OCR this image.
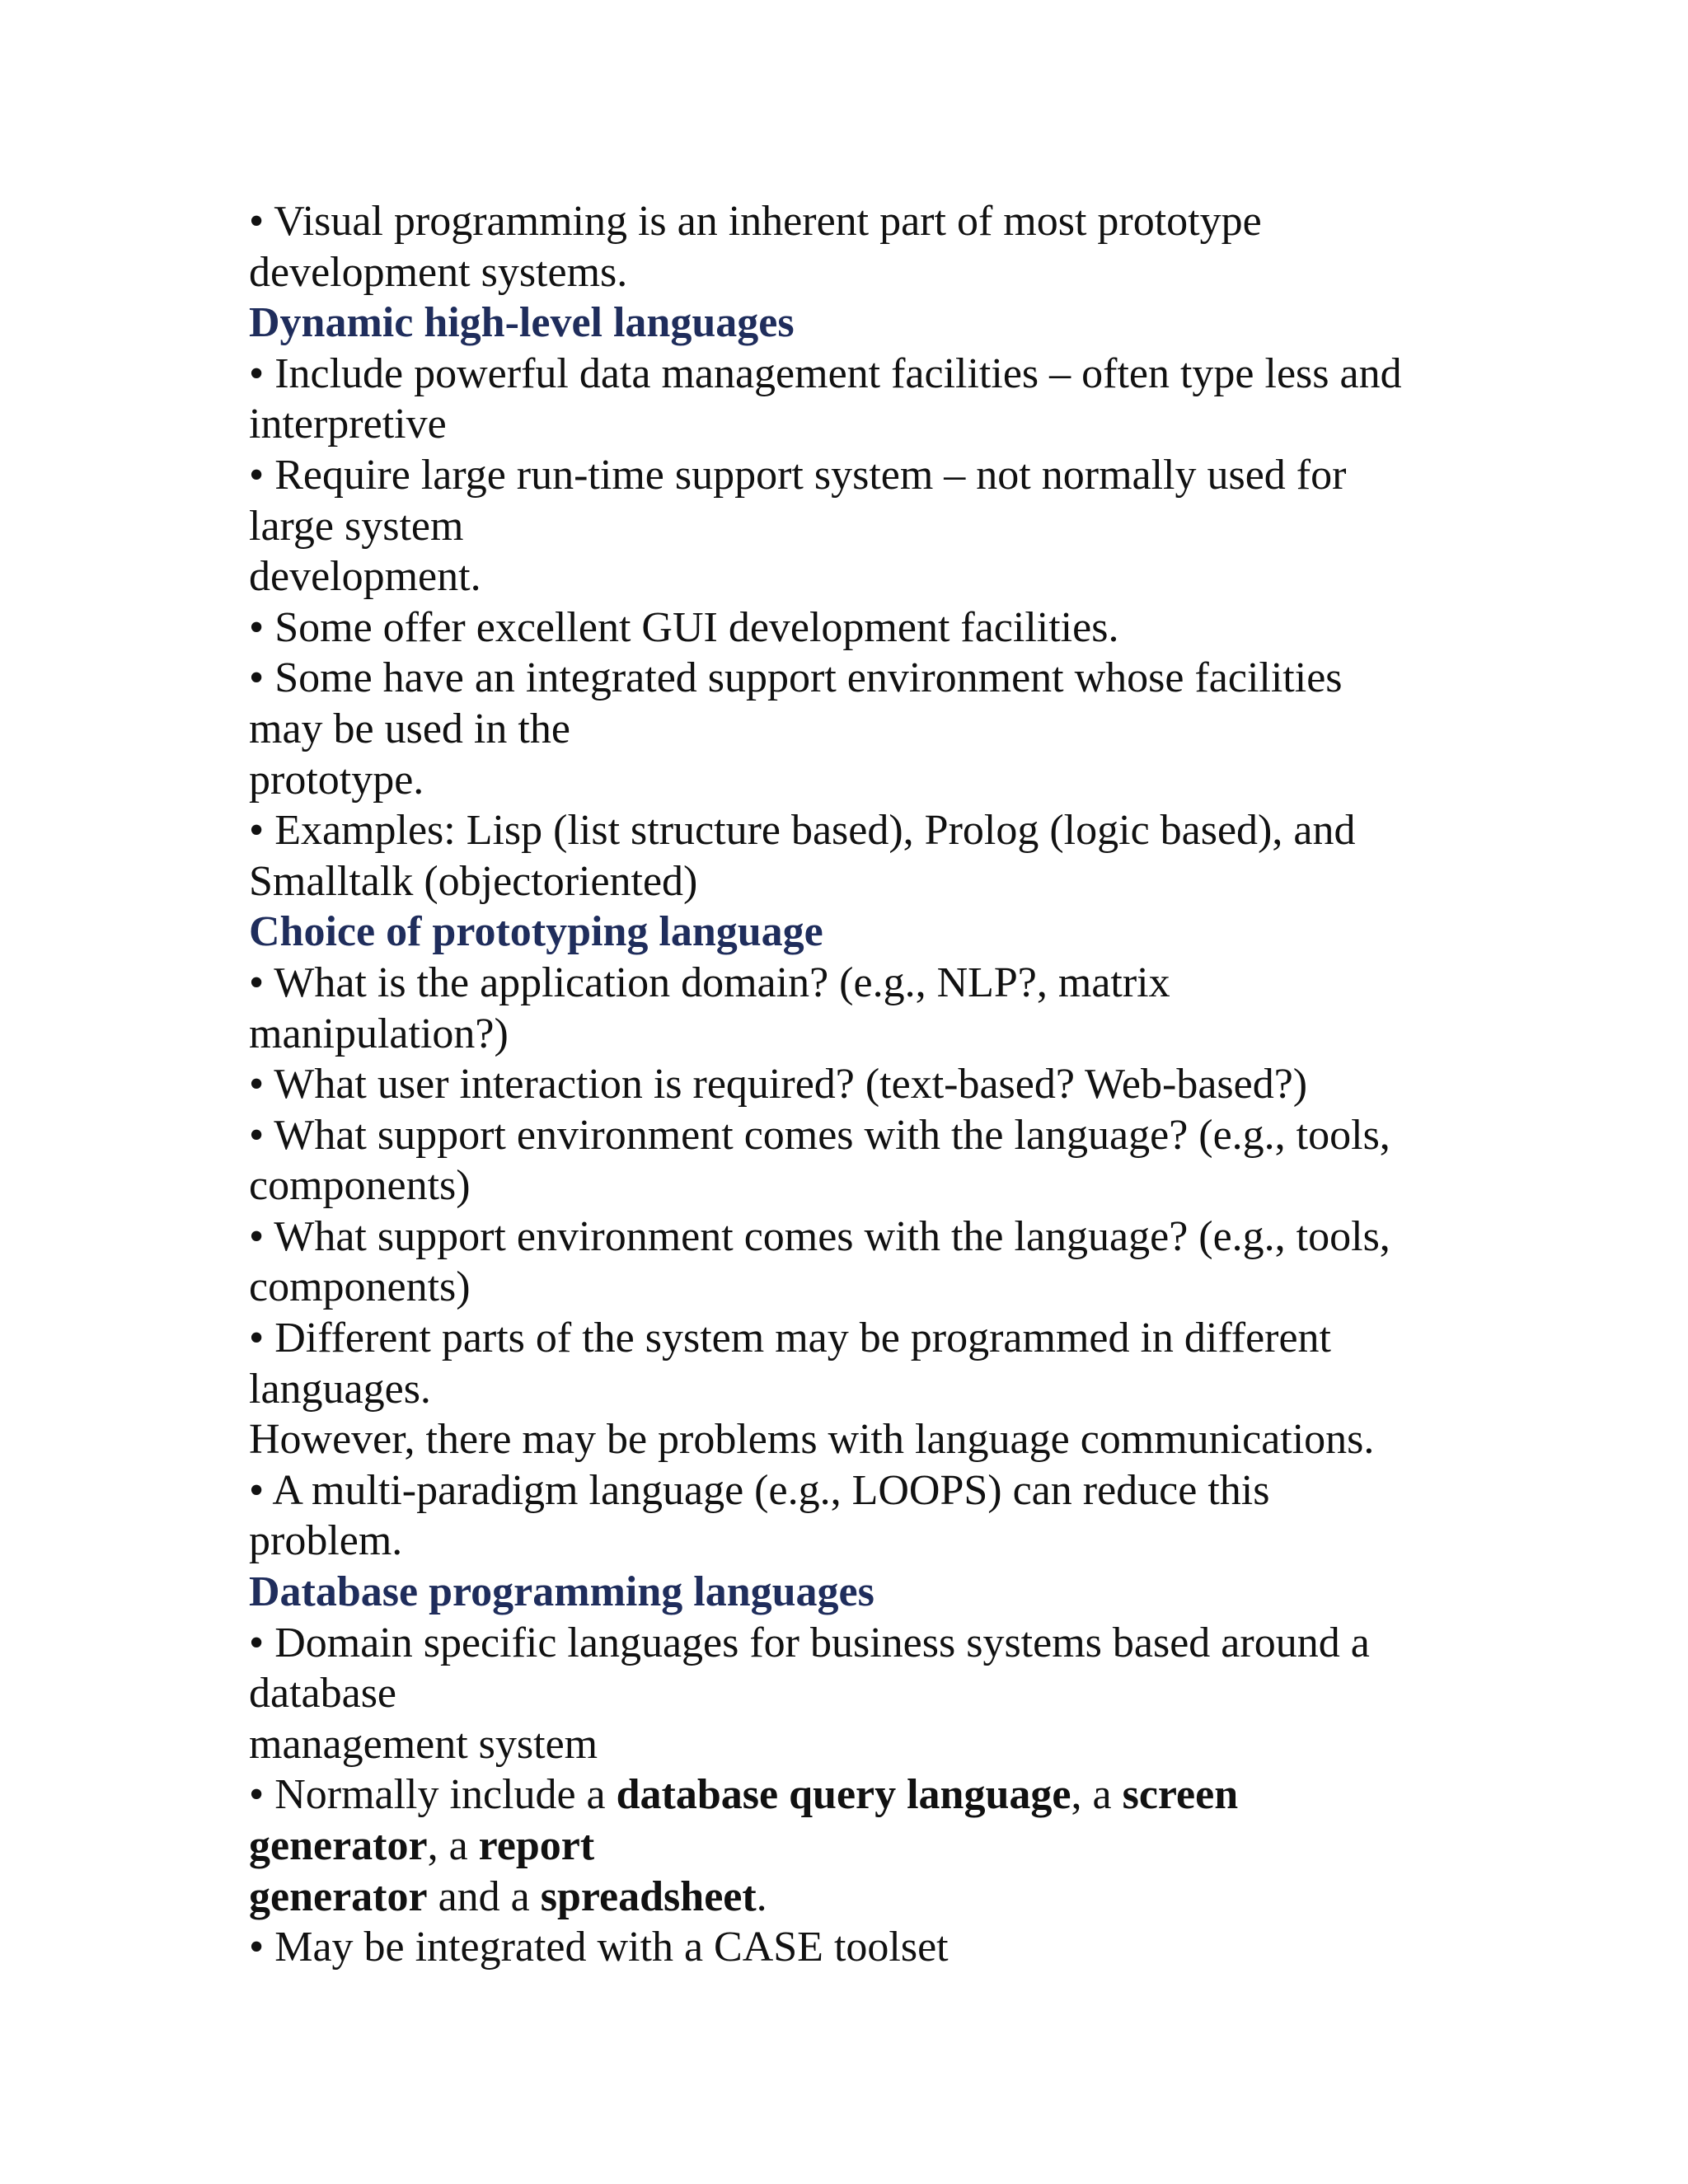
• Visual programming is an inherent part of most prototype
development systems.
Dynamic high-level languages
• Include powerful data management facilities – often type less and
interpretive
• Require large run-time support system – not normally used for
large system
development.
• Some offer excellent GUI development facilities.
• Some have an integrated support environment whose facilities
may be used in the
prototype.
• Examples: Lisp (list structure based), Prolog (logic based), and
Smalltalk (objectoriented)
Choice of prototyping language
• What is the application domain? (e.g., NLP?, matrix
manipulation?)
• What user interaction is required? (text-based? Web-based?)
• What support environment comes with the language? (e.g., tools,
components)
• What support environment comes with the language? (e.g., tools,
components)
• Different parts of the system may be programmed in different
languages.
However, there may be problems with language communications.
• A multi-paradigm language (e.g., LOOPS) can reduce this
problem.
Database programming languages
• Domain specific languages for business systems based around a
database
management system
• Normally include a database query language, a screen
generator, a report
generator and a spreadsheet.
• May be integrated with a CASE toolset
